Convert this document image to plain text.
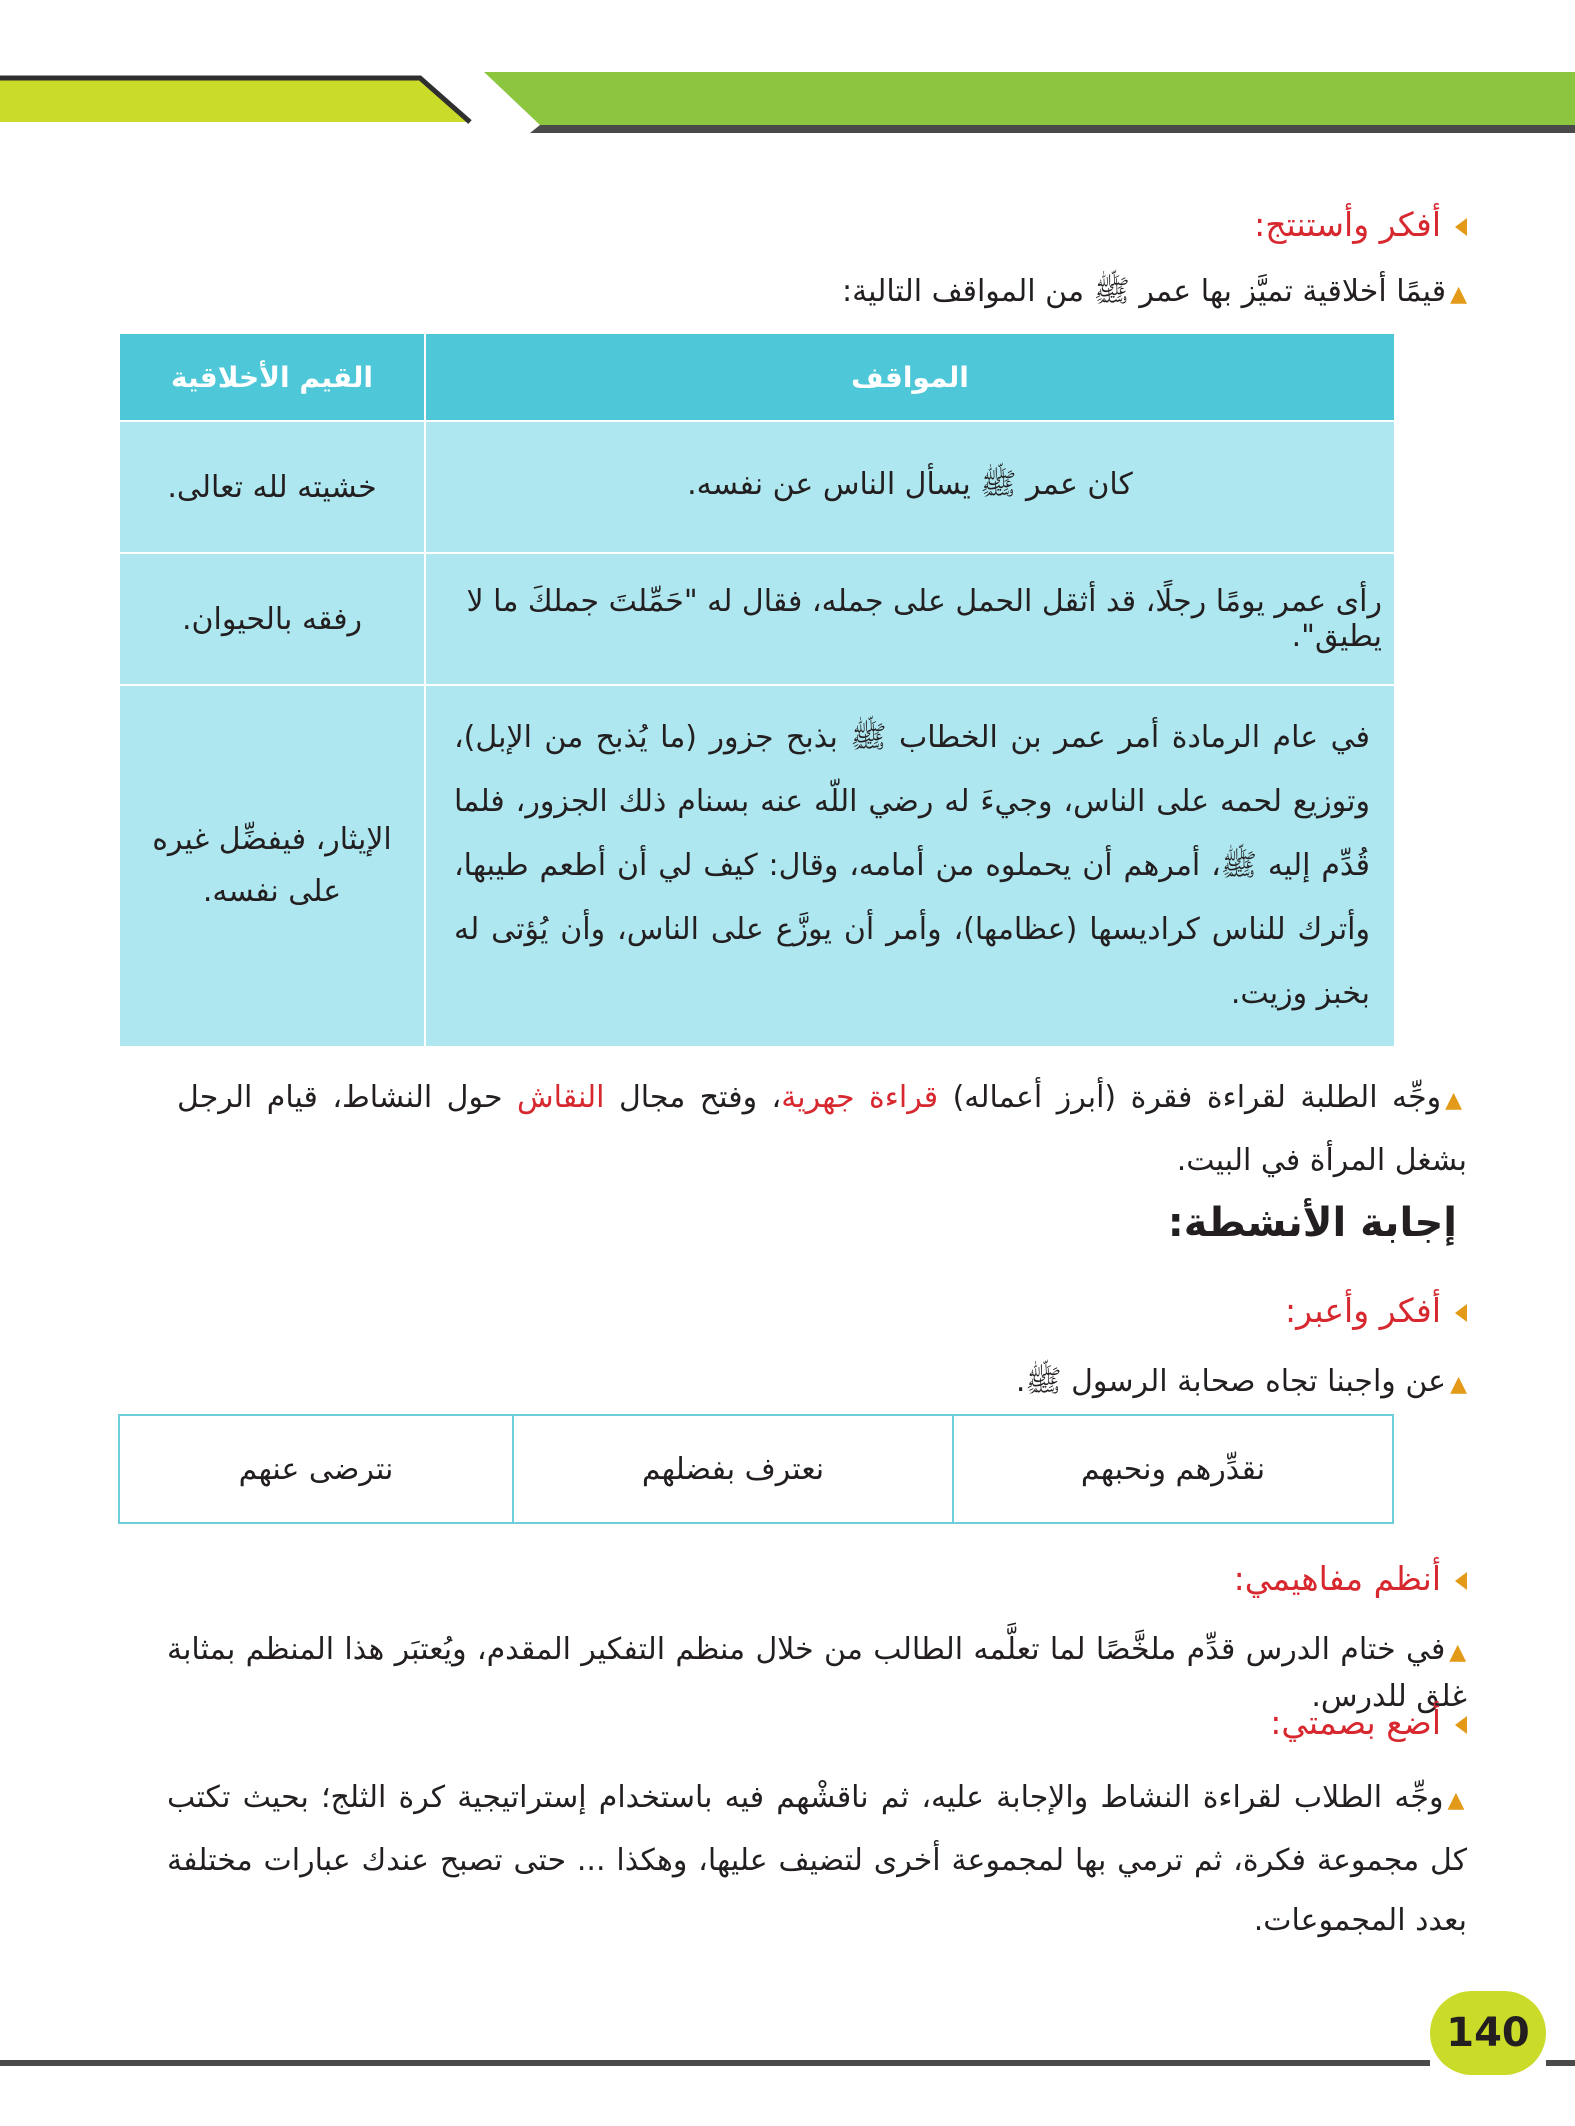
أفكر وأستنتج:
▲قيمًا أخلاقية تميَّز بها عمر ﷺ من المواقف التالية:
المواقف	القيم الأخلاقية
كان عمر ﷺ يسأل الناس عن نفسه.	خشيته لله تعالى.
رأى عمر يومًا رجلًا، قد أثقل الحمل على جمله، فقال له "حَمِّلتَ جملكَ ما لا يطيق".	رفقه بالحيوان.
في عام الرمادة أمر عمر بن الخطاب ﷺ بذبح جزور (ما يُذبح من الإبل)، وتوزيع لحمه على الناس، وجيءَ له رضي اللّه عنه بسنام ذلك الجزور، فلما قُدِّم إليه ﷺ، أمرهم أن يحملوه من أمامه، وقال: كيف لي أن أطعم طيبها، وأترك للناس كراديسها (عظامها)، وأمر أن يوزَّع على الناس، وأن يُؤتى له بخبز وزيت.	الإيثار، فيفضِّل غيره على نفسه.
▲وجِّه الطلبة لقراءة فقرة (أبرز أعماله) قراءة جهرية، وفتح مجال النقاش حول النشاط، قيام الرجل بشغل المرأة في البيت.
إجابة الأنشطة:
أفكر وأعبر:
▲عن واجبنا تجاه صحابة الرسول ﷺ.
نقدِّرهم ونحبهم	نعترف بفضلهم	نترضى عنهم
أنظم مفاهيمي:
▲في ختام الدرس قدِّم ملخَّصًا لما تعلَّمه الطالب من خلال منظم التفكير المقدم، ويُعتبَر هذا المنظم بمثابة غلق للدرس.
أضع بصمتي:
▲وجِّه الطلاب لقراءة النشاط والإجابة عليه، ثم ناقشْهم فيه باستخدام إستراتيجية كرة الثلج؛ بحيث تكتب كل مجموعة فكرة، ثم ترمي بها لمجموعة أخرى لتضيف عليها، وهكذا ... حتى تصبح عندك عبارات مختلفة بعدد المجموعات.
140
